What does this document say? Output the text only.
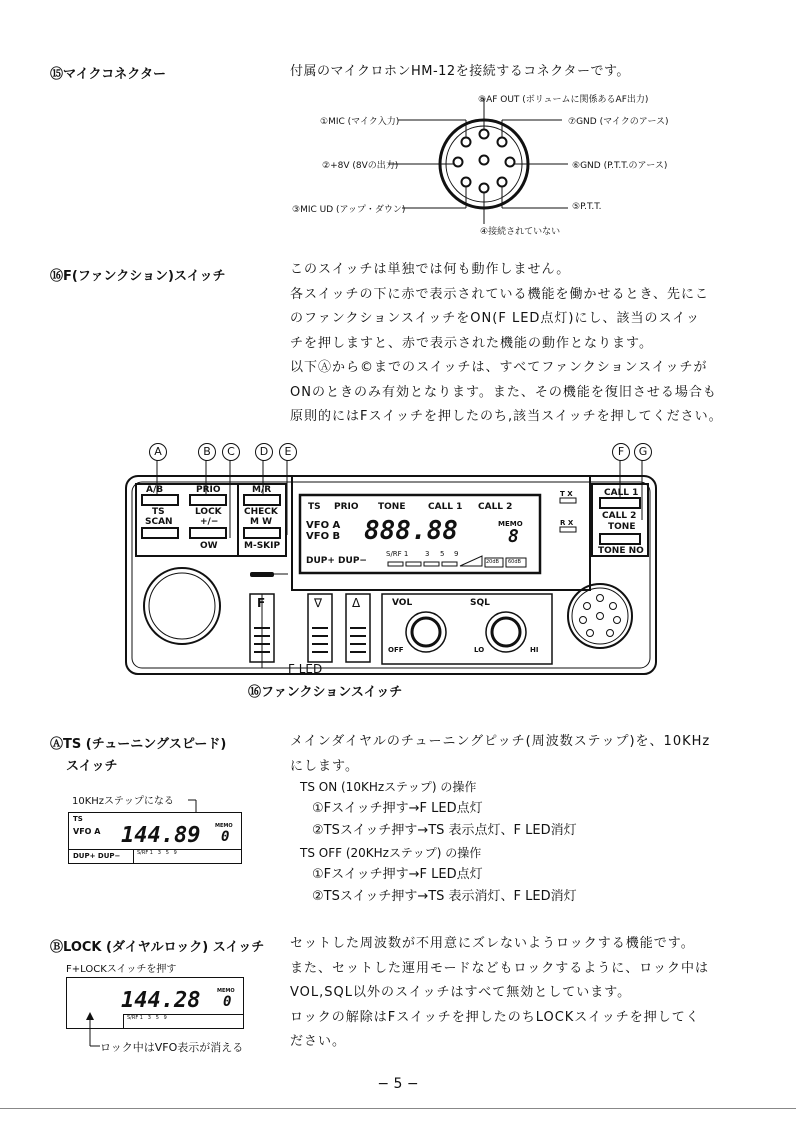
⑮マイクコネクター	付属のマイクロホンHM-12を接続するコネクターです。
⑧AF OUT (ボリュームに関係あるAF出力)
①MIC (マイク入力)	⑦GND (マイクのアース)
②+8V (8Vの出力)	⑥GND (P.T.T.のアース)
③MIC UD (アップ・ダウン)	⑤P.T.T.
④接続されていない
⑯F(ファンクション)スイッチ	このスイッチは単独では何も動作しません。
各スイッチの下に赤で表示されている機能を働かせるとき、先にこ
のファンクションスイッチをON(F LED点灯)にし、該当のスイッ
チを押しますと、赤で表示された機能の動作となります。
以下Ⓐから©までのスイッチは、すべてファンクションスイッチが
ONのときのみ有効となります。また、その機能を復旧させる場合も
原則的にはFスイッチを押したのち,該当スイッチを押してください。
A	B	C	D	E	F	G
A/B
TS
SCAN
PRIO
LOCK
+/−
OW
M/R
CHECK
M W
M-SKIP
TS PRIO TONE	CALL 1 CALL 2
VFO A
VFO B 888.88	MEMO
8
DUP+ DUP−
S/RF 1 3 5 9
20dB 60dB
T X
R X
CALL 1
CALL 2
TONE
TONE NO
F	∇ Δ	VOL
OFF
SQL
LO	HI
F LED
⑯ファンクションスイッチ
ⒶTS (チューニングスピード)
スイッチ
10KHzステップになる
TS
VFO A 144.89	MEMO
0
DUP+ DUP−	S/RF 1   3   5   9
メインダイヤルのチューニングピッチ(周波数ステップ)を、10KHz
にします。
TS ON (10KHzステップ) の操作
①Fスイッチ押す→F LED点灯
②TSスイッチ押す→TS 表示点灯、F LED消灯
TS OFF (20KHzステップ) の操作
①Fスイッチ押す→F LED点灯
②TSスイッチ押す→TS 表示消灯、F LED消灯
ⒷLOCK (ダイヤルロック) スイッチ
F+LOCKスイッチを押す
144.28	MEMO
0
S/RF 1   3   5   9
ロック中はVFO表示が消える
セットした周波数が不用意にズレないようロックする機能です。
また、セットした運用モードなどもロックするように、ロック中は
VOL,SQL以外のスイッチはすべて無効としています。
ロックの解除はFスイッチを押したのちLOCKスイッチを押してく
ださい。
− 5 −
